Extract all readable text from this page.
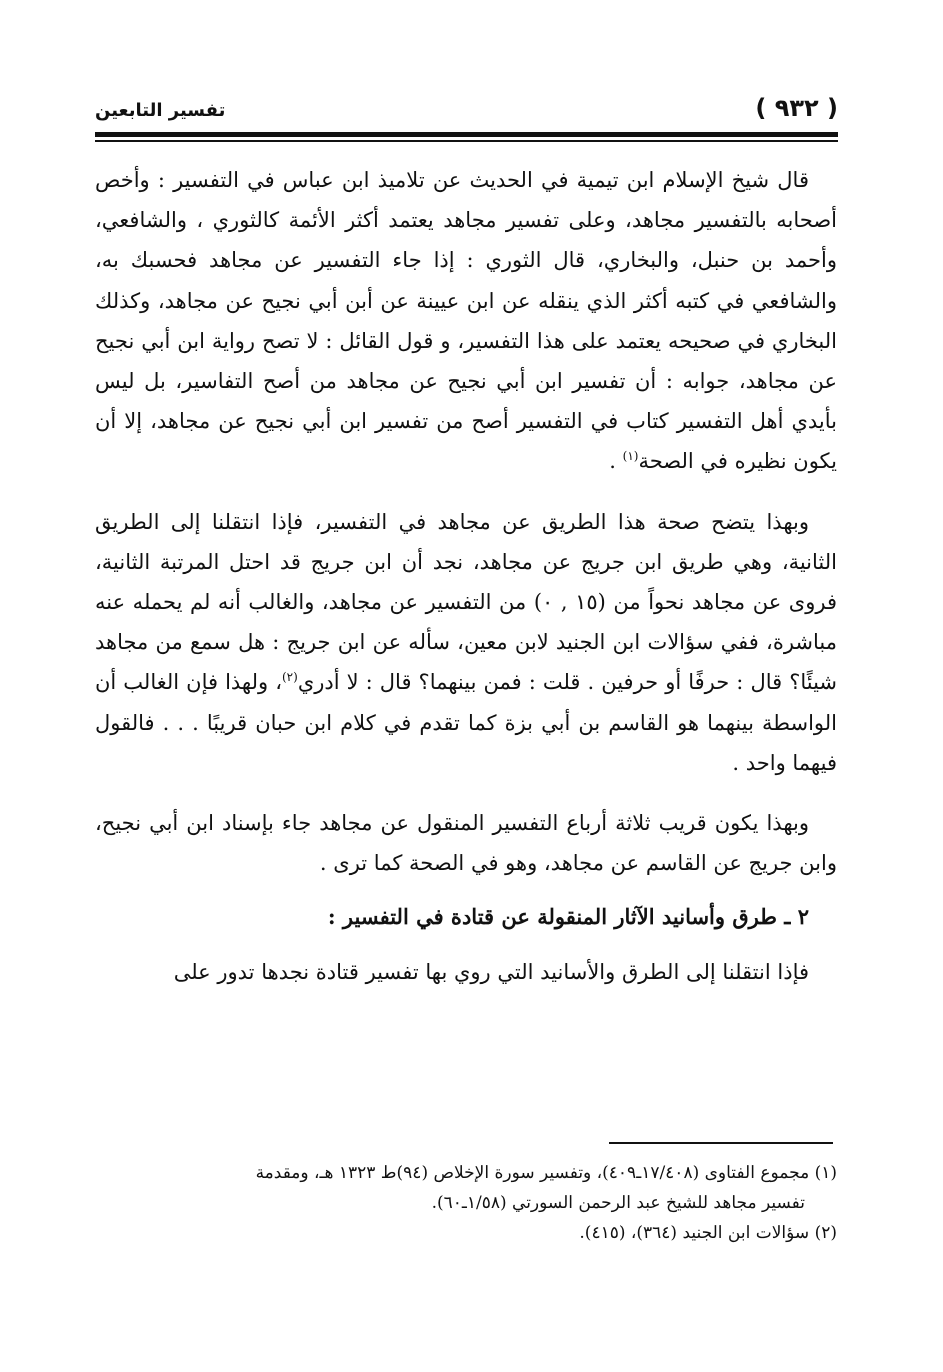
( ٩٣٢ )
تفسير التابعين

قال شيخ الإسلام ابن تيمية في الحديث عن تلاميذ ابن عباس في التفسير : وأخص أصحابه بالتفسير مجاهد، وعلى تفسير مجاهد يعتمد أكثر الأئمة كالثوري ، والشافعي، وأحمد بن حنبل، والبخاري، قال الثوري : إذا جاء التفسير عن مجاهد فحسبك به، والشافعي في كتبه أكثر الذي ينقله عن ابن عيينة عن أبن أبي نجيح عن مجاهد، وكذلك البخاري في صحيحه يعتمد على هذا التفسير، و قول القائل : لا تصح رواية ابن أبي نجيح عن مجاهد، جوابه : أن تفسير ابن أبي نجيح عن مجاهد من أصح التفاسير، بل ليس بأيدي أهل التفسير كتاب في التفسير أصح من تفسير ابن أبي نجيح عن مجاهد، إلا أن يكون نظيره في الصحة$^{(١)}$ .

وبهذا يتضح صحة هذا الطريق عن مجاهد في التفسير، فإذا انتقلنا إلى الطريق الثانية، وهي طريق ابن جريج عن مجاهد، نجد أن ابن جريج قد احتل المرتبة الثانية، فروى عن مجاهد نحواً من (١٥ , ٠) من التفسير عن مجاهد، والغالب أنه لم يحمله عنه مباشرة، ففي سؤالات ابن الجنيد لابن معين، سأله عن ابن جريج : هل سمع من مجاهد شيئًا؟ قال : حرفًا أو حرفين . قلت : فمن بينهما؟ قال : لا أدري$^{(٢)}$، ولهذا فإن الغالب أن الواسطة بينهما هو القاسم بن أبي بزة كما تقدم في كلام ابن حبان قريبًا . . . فالقول فيهما واحد .

وبهذا يكون قريب ثلاثة أرباع التفسير المنقول عن مجاهد جاء بإسناد ابن أبي نجيح، وابن جريج عن القاسم عن مجاهد، وهو في الصحة كما ترى .

٢ ـ طرق وأسانيد الآثار المنقولة عن قتادة في التفسير :

فإذا انتقلنا إلى الطرق والأسانيد التي روي بها تفسير قتادة نجدها تدور على

(١) مجموع الفتاوى (١٧/٤٠٨ـ٤٠٩)، وتفسير سورة الإخلاص (٩٤)ط ١٣٢٣ هـ، ومقدمة
تفسير مجاهد للشيخ عبد الرحمن السورتي (١/٥٨ـ٦٠).

(٢) سؤالات ابن الجنيد (٣٦٤)، (٤١٥).
